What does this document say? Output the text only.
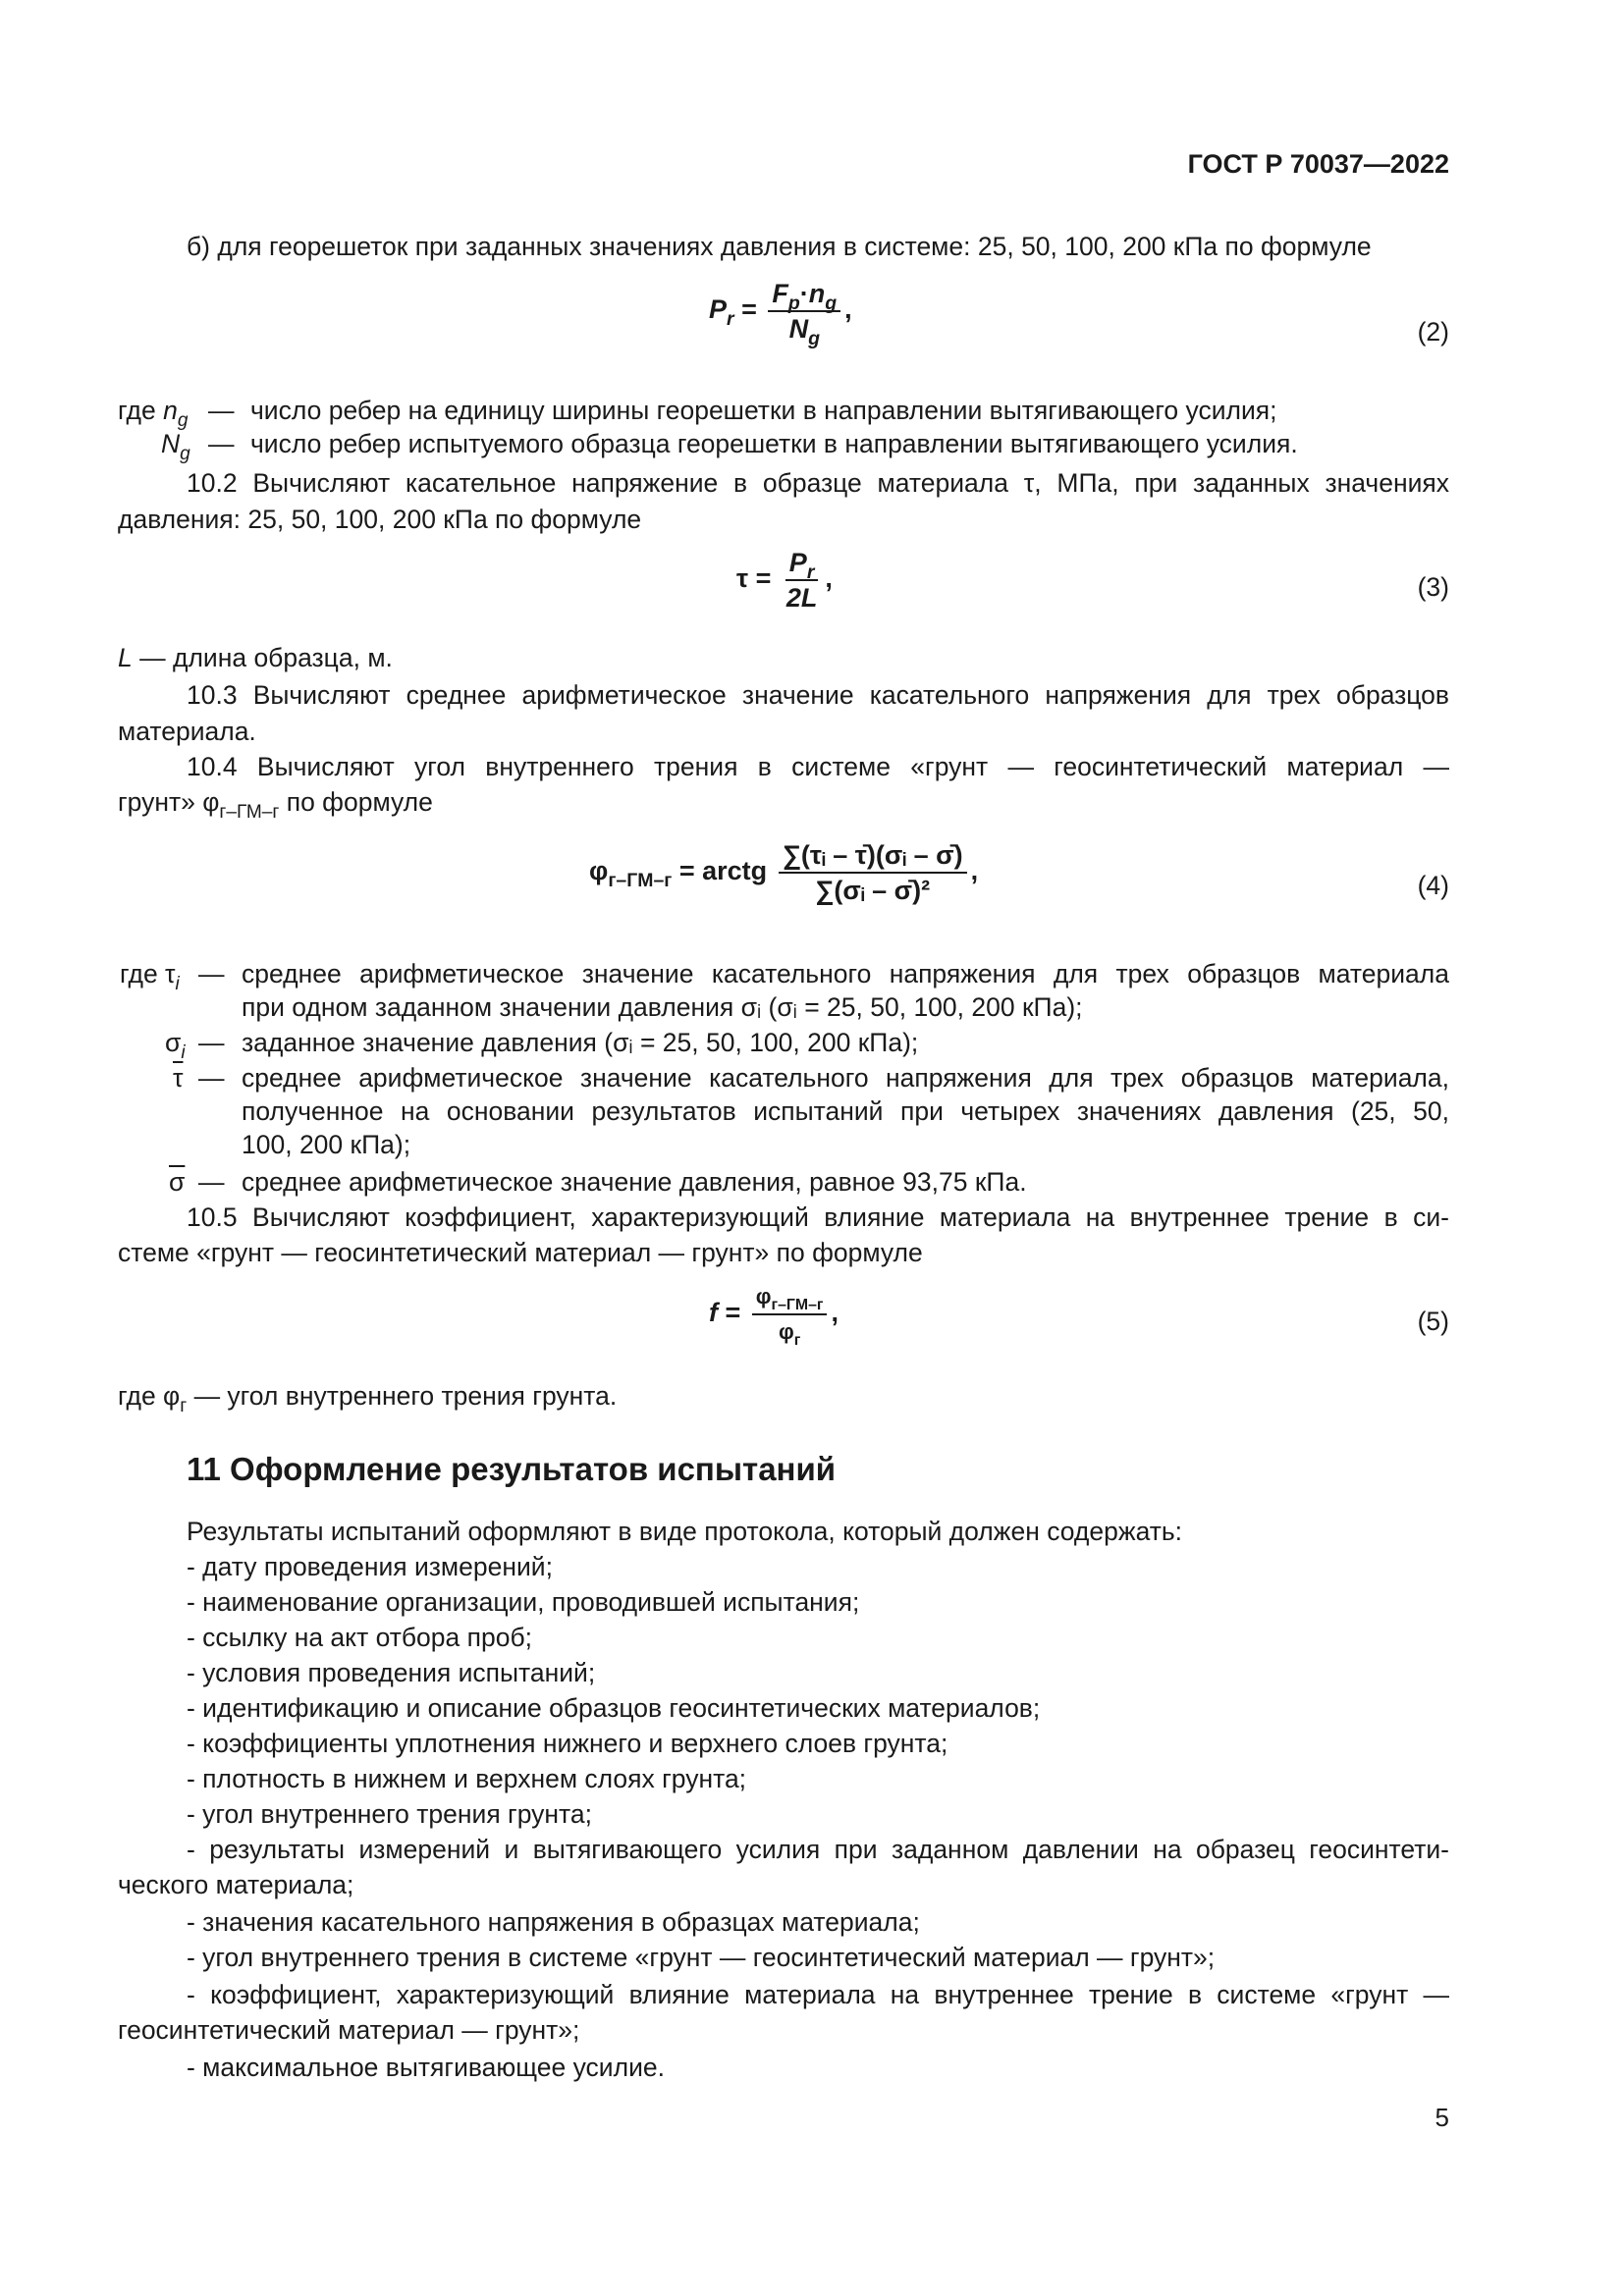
ГОСТ Р 70037—2022
б) для георешеток при заданных значениях давления в системе: 25, 50, 100, 200 кПа по формуле
$P_r = \frac{F_p\cdot n_g}{N_g}$ ,
(2)
где $n_g$ — число ребер на единицу ширины георешетки в направлении вытягивающего усилия;
$N_g$ — число ребер испытуемого образца георешетки в направлении вытягивающего усилия.
10.2 Вычисляют касательное напряжение в образце материала τ, МПа, при заданных значениях
давления: 25, 50, 100, 200 кПа по формуле
$\tau = \frac{P_r}{2L}$ ,	(3)
L — длина образца, м.
10.3 Вычисляют среднее арифметическое значение касательного напряжения для трех образцов
материала.
10.4 Вычисляют угол внутреннего трения в системе «грунт — геосинтетический материал —
грунт» $\varphi_{г-ГМ-г}$ по формуле
$\varphi_{г-ГМ-г}$ = arctg $\frac{\text{∑(τᵢ – τ̄)(σᵢ – σ̄)}}{\text{∑(σᵢ – σ̄)²}}$ ,	(4)
где $\tau_i$ — среднее арифметическое значение касательного напряжения для трех образцов материала
при одном заданном значении давления σᵢ (σᵢ = 25, 50, 100, 200 кПа);
$\sigma_i$ — заданное значение давления (σᵢ = 25, 50, 100, 200 кПа);
$\overline{\tau}$ — среднее арифметическое значение касательного напряжения для трех образцов материала,
полученное на основании результатов испытаний при четырех значениях давления (25, 50,
100, 200 кПа);
$\overline{\sigma}$ — среднее арифметическое значение давления, равное 93,75 кПа.
10.5 Вычисляют коэффициент, характеризующий влияние материала на внутреннее трение в си-
стеме «грунт — геосинтетический материал — грунт» по формуле
$f = \frac{\varphi_{г-ГМ-г}}{\varphi_г}$ ,	(5)
где $\varphi_г$ — угол внутреннего трения грунта.
11 Оформление результатов испытаний
Результаты испытаний оформляют в виде протокола, который должен содержать:
- дату проведения измерений;
- наименование организации, проводившей испытания;
- ссылку на акт отбора проб;
- условия проведения испытаний;
- идентификацию и описание образцов геосинтетических материалов;
- коэффициенты уплотнения нижнего и верхнего слоев грунта;
- плотность в нижнем и верхнем слоях грунта;
- угол внутреннего трения грунта;
- результаты измерений и вытягивающего усилия при заданном давлении на образец геосинтети-
ческого материала;
- значения касательного напряжения в образцах материала;
- угол внутреннего трения в системе «грунт — геосинтетический материал — грунт»;
- коэффициент, характеризующий влияние материала на внутреннее трение в системе «грунт —
геосинтетический материал — грунт»;
- максимальное вытягивающее усилие.
5
